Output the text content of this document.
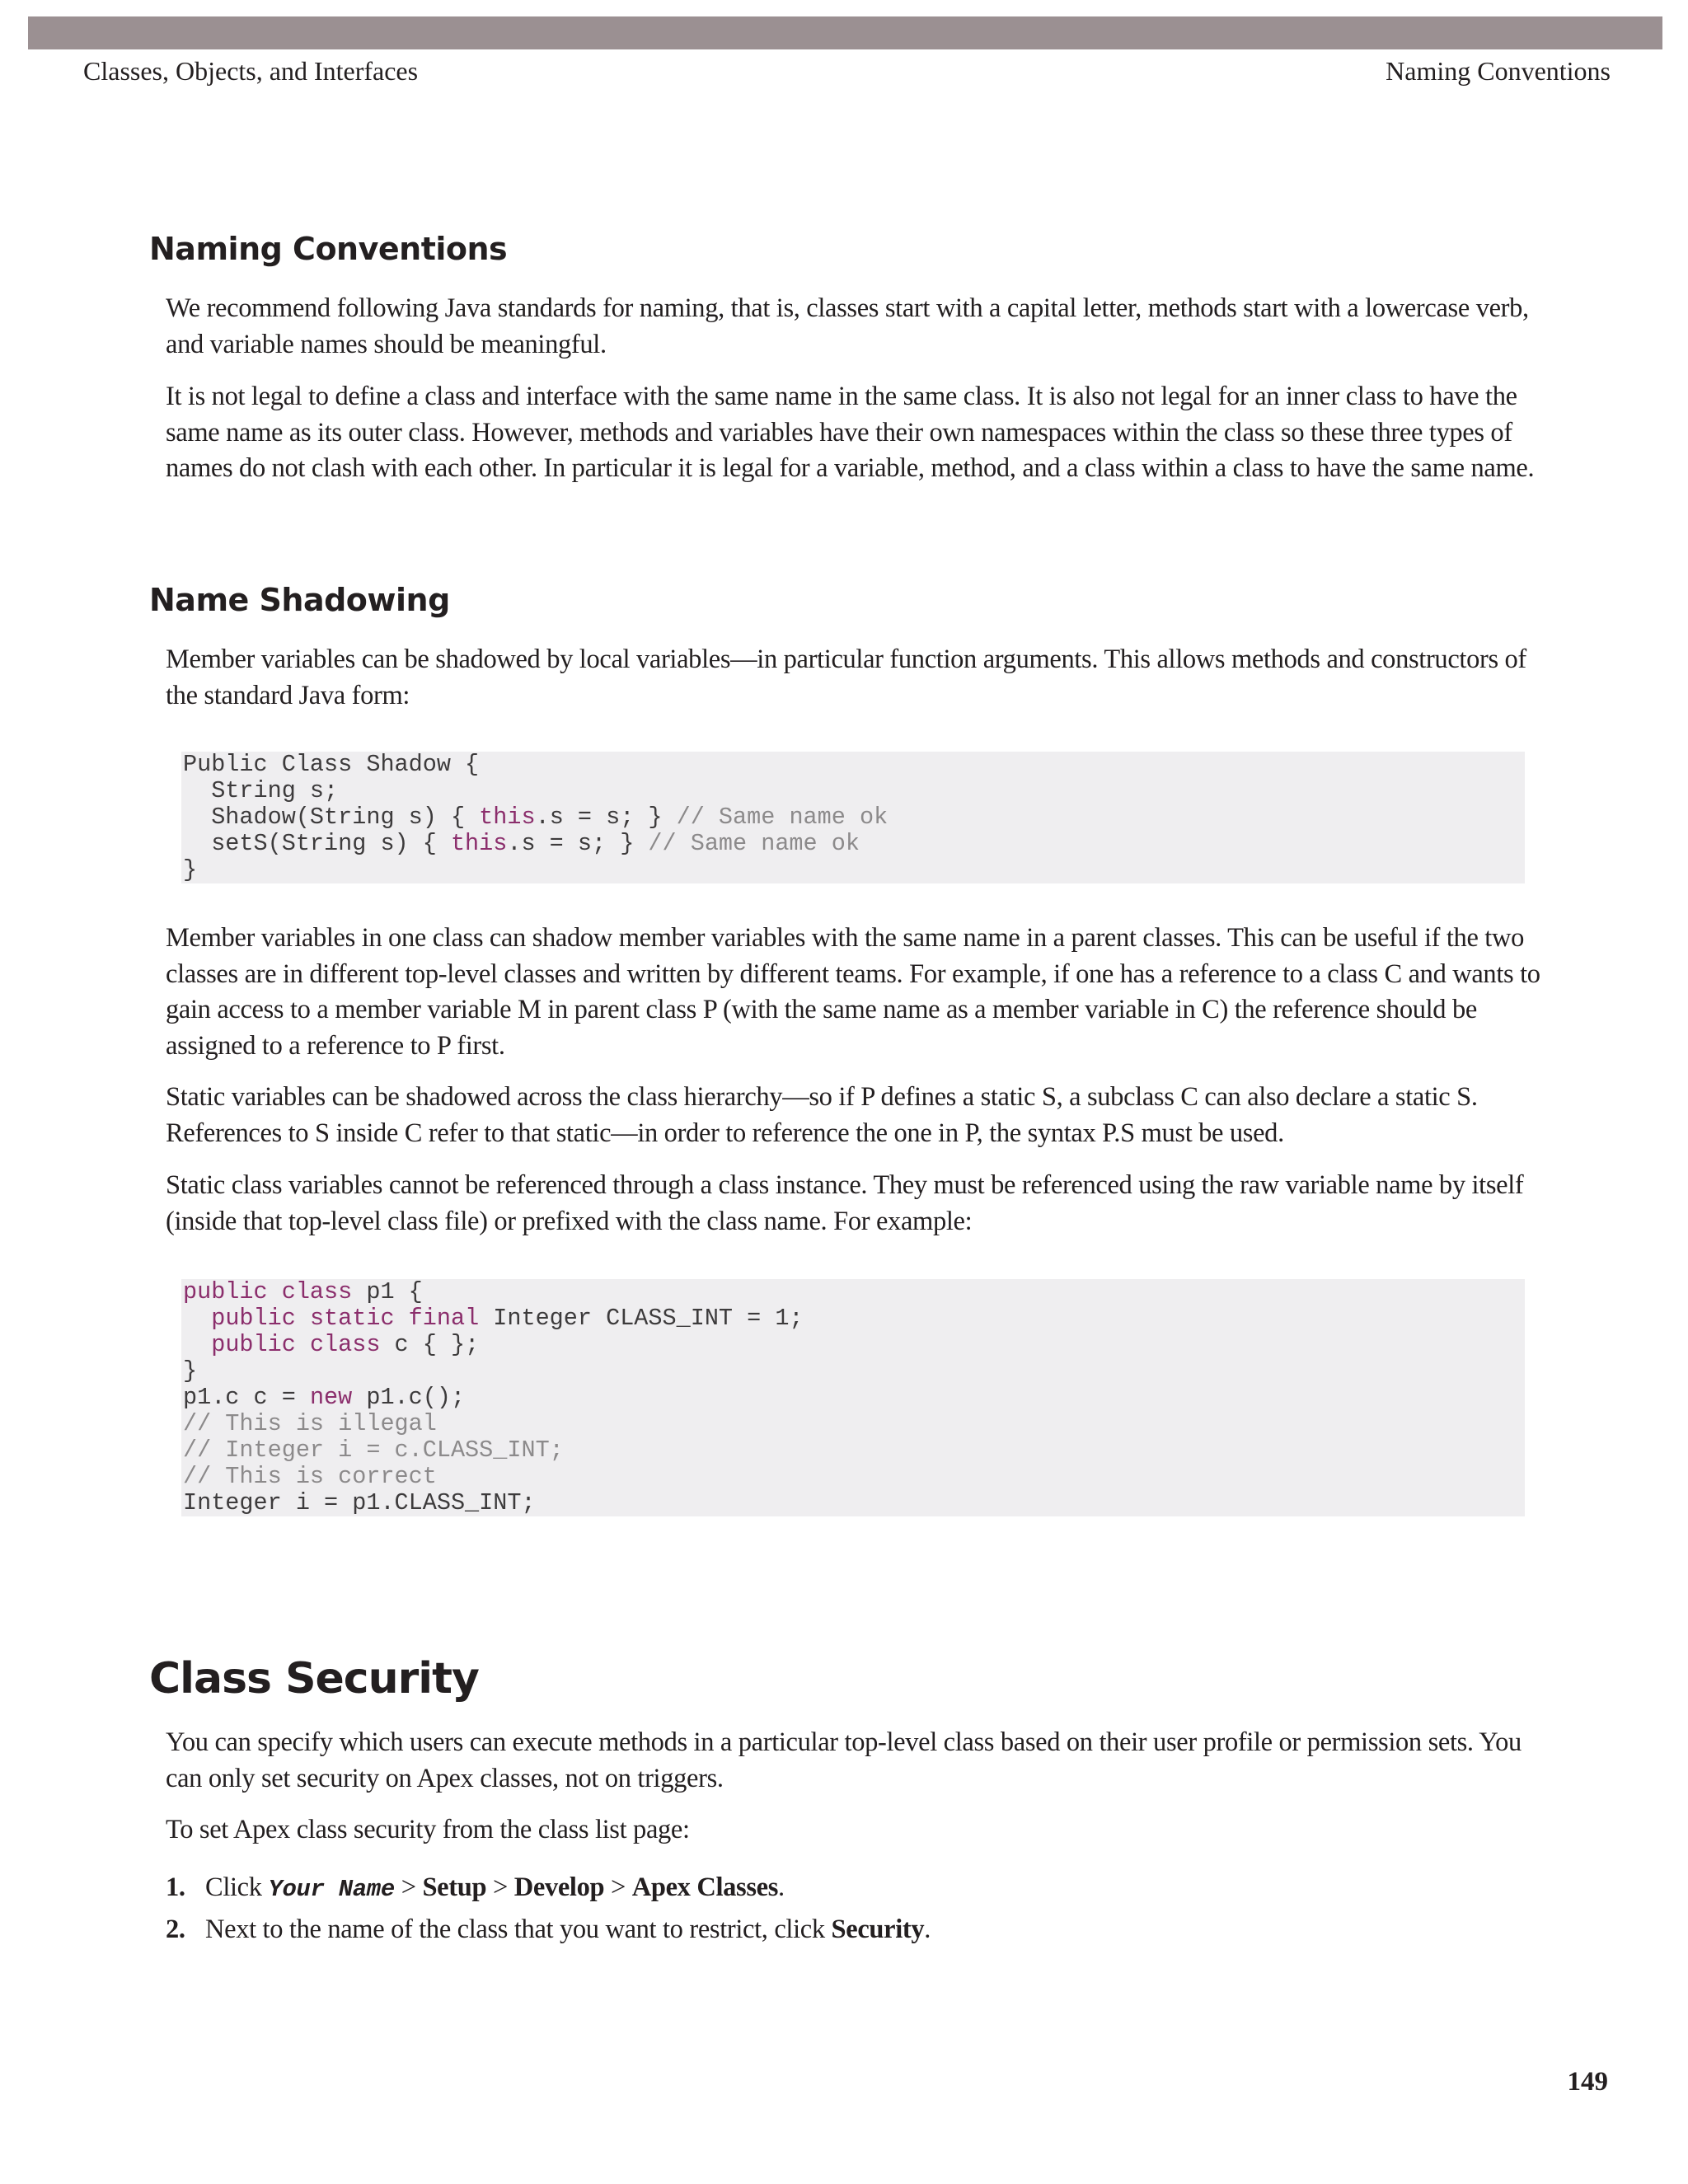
Classes, Objects, and Interfaces	Naming Conventions
Naming Conventions

We recommend following Java standards for naming, that is, classes start with a capital letter, methods start with a lowercase verb, and variable names should be meaningful.

It is not legal to define a class and interface with the same name in the same class. It is also not legal for an inner class to have the same name as its outer class. However, methods and variables have their own namespaces within the class so these three types of names do not clash with each other. In particular it is legal for a variable, method, and a class within a class to have the same name.

Name Shadowing

Member variables can be shadowed by local variables—in particular function arguments. This allows methods and constructors of the standard Java form:

Public Class Shadow {
String s;
Shadow(String s) { this.s = s; } // Same name ok
setS(String s) { this.s = s; } // Same name ok
}

Member variables in one class can shadow member variables with the same name in a parent classes. This can be useful if the two classes are in different top-level classes and written by different teams. For example, if one has a reference to a class C and wants to gain access to a member variable M in parent class P (with the same name as a member variable in C) the reference should be assigned to a reference to P first.

Static variables can be shadowed across the class hierarchy—so if P defines a static S, a subclass C can also declare a static S. References to S inside C refer to that static—in order to reference the one in P, the syntax P.S must be used.

Static class variables cannot be referenced through a class instance. They must be referenced using the raw variable name by itself (inside that top-level class file) or prefixed with the class name. For example:

public class p1 {
public static final Integer CLASS_INT = 1;
public class c { };
}
p1.c c = new p1.c();
// This is illegal
// Integer i = c.CLASS_INT;
// This is correct
Integer i = p1.CLASS_INT;
Class Security

You can specify which users can execute methods in a particular top-level class based on their user profile or permission sets. You can only set security on Apex classes, not on triggers.

To set Apex class security from the class list page:

1. Click Your Name > Setup > Develop > Apex Classes.
2. Next to the name of the class that you want to restrict, click Security.
149
